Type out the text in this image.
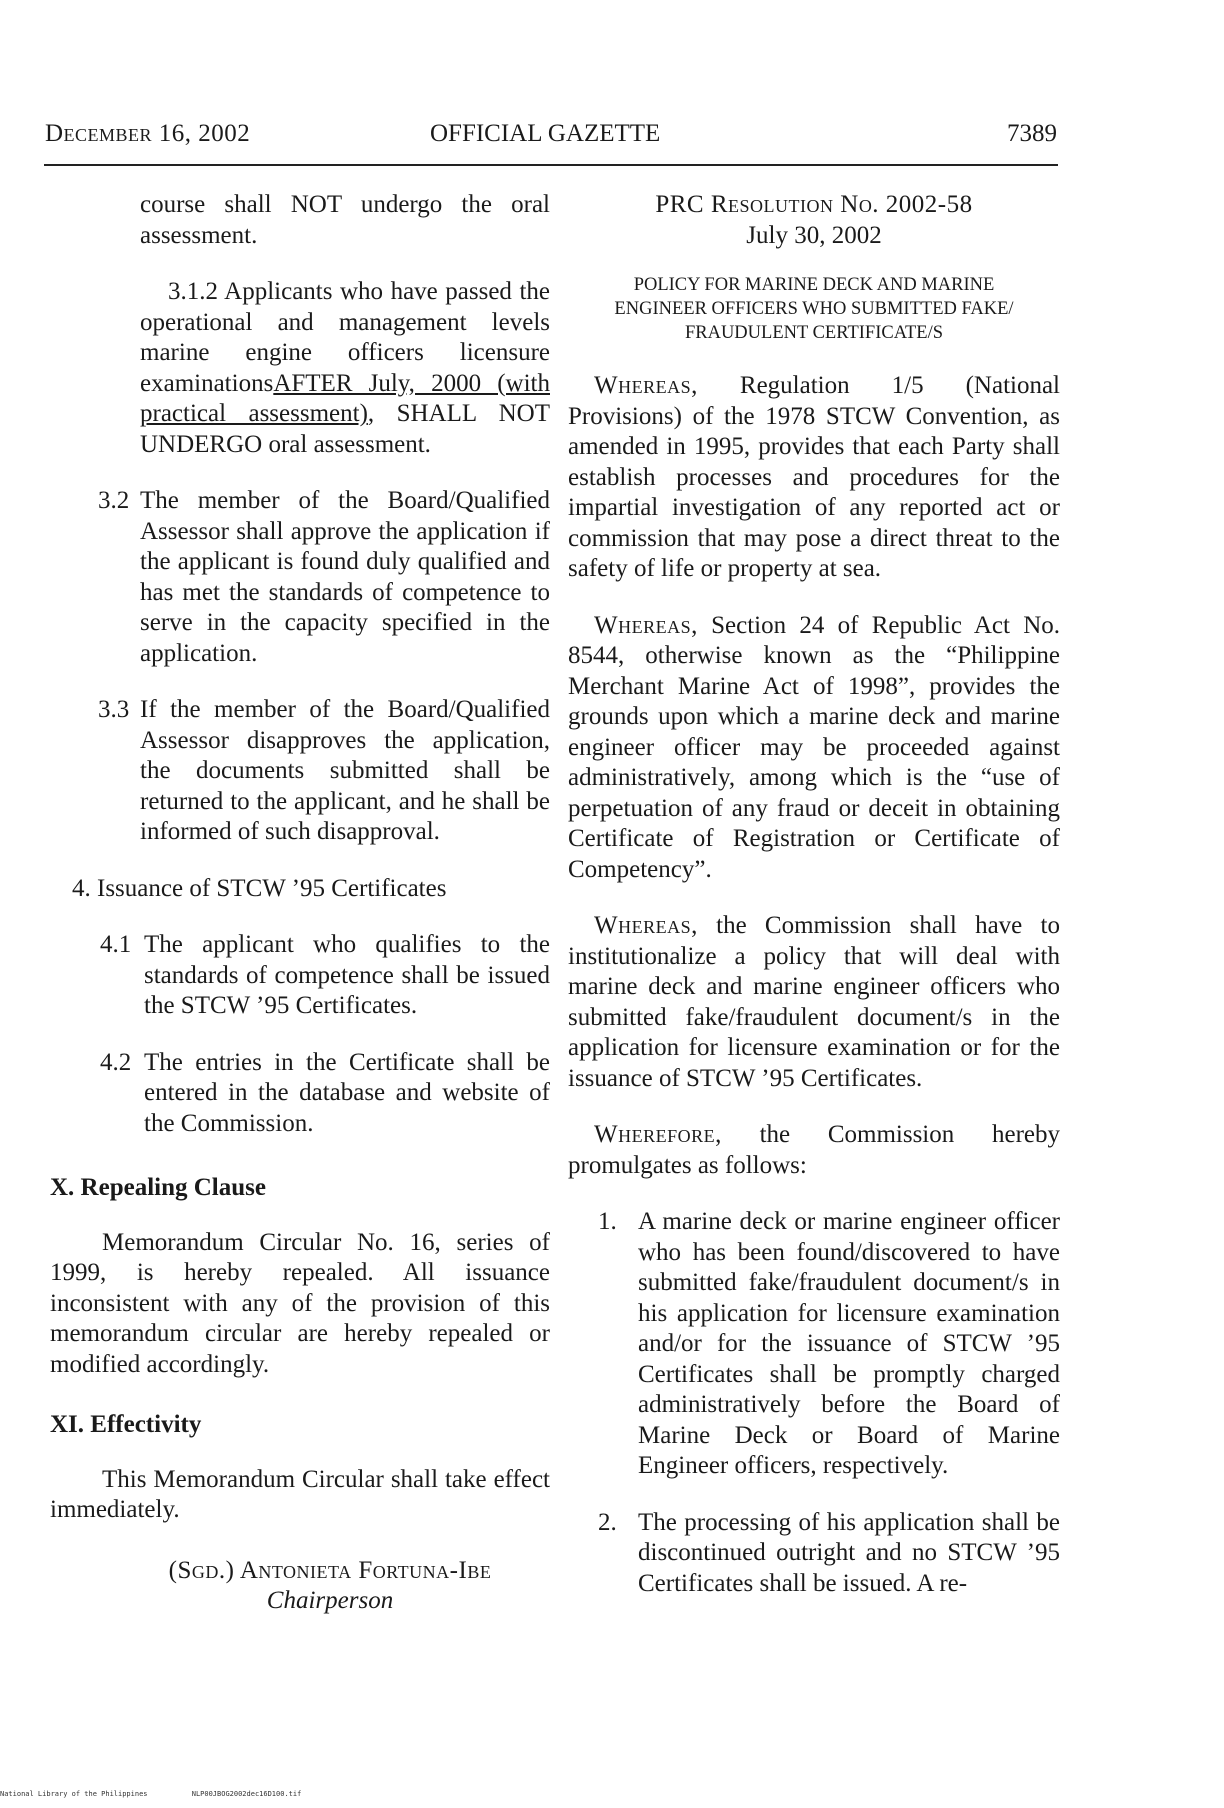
December 16, 2002	OFFICIAL GAZETTE	7389

course shall NOT undergo the oral assessment.

3.1.2 Applicants who have passed the operational and management levels marine engine officers licensure examinationsAFTER July, 2000 (with practical assessment), SHALL NOT UNDERGO oral assessment.

3.2 The member of the Board/Qualified Assessor shall approve the application if the applicant is found duly qualified and has met the standards of competence to serve in the capacity specified in the application.
3.3 If the member of the Board/Qualified Assessor disapproves the application, the documents submitted shall be returned to the applicant, and he shall be informed of such disapproval.

4. Issuance of STCW ’95 Certificates

4.1 The applicant who qualifies to the standards of competence shall be issued the STCW ’95 Certificates.
4.2 The entries in the Certificate shall be entered in the database and website of the Commission.

X. Repealing Clause

Memorandum Circular No. 16, series of 1999, is hereby repealed. All issuance inconsistent with any of the provision of this memorandum circular are hereby repealed or modified accordingly.

XI. Effectivity

This Memorandum Circular shall take effect immediately.

(Sgd.) Antonieta Fortuna-Ibe

Chairperson

PRC Resolution No. 2002-58

July 30, 2002

POLICY FOR MARINE DECK AND MARINE ENGINEER OFFICERS WHO SUBMITTED FAKE/ FRAUDULENT CERTIFICATE/S

Whereas, Regulation 1/5 (National Provisions) of the 1978 STCW Convention, as amended in 1995, provides that each Party shall establish processes and procedures for the impartial investigation of any reported act or commission that may pose a direct threat to the safety of life or property at sea.

Whereas, Section 24 of Republic Act No. 8544, otherwise known as the “Philippine Merchant Marine Act of 1998”, provides the grounds upon which a marine deck and marine engineer officer may be proceeded against administratively, among which is the “use of perpetuation of any fraud or deceit in obtaining Certificate of Registration or Certificate of Competency”.

Whereas, the Commission shall have to institutionalize a policy that will deal with marine deck and marine engineer officers who submitted fake/fraudulent document/s in the application for licensure examination or for the issuance of STCW ’95 Certificates.

Wherefore, the Commission hereby promulgates as follows:

1. A marine deck or marine engineer officer who has been found/discovered to have submitted fake/fraudulent document/s in his application for licensure examination and/or for the issuance of STCW ’95 Certificates shall be promptly charged administratively before the Board of Marine Deck or Board of Marine Engineer officers, respectively.
2. The processing of his application shall be discontinued outright and no STCW ’95 Certificates shall be issued. A re-
National Library of the Philippines	NLP00JBOG2002dec16D100.tif
